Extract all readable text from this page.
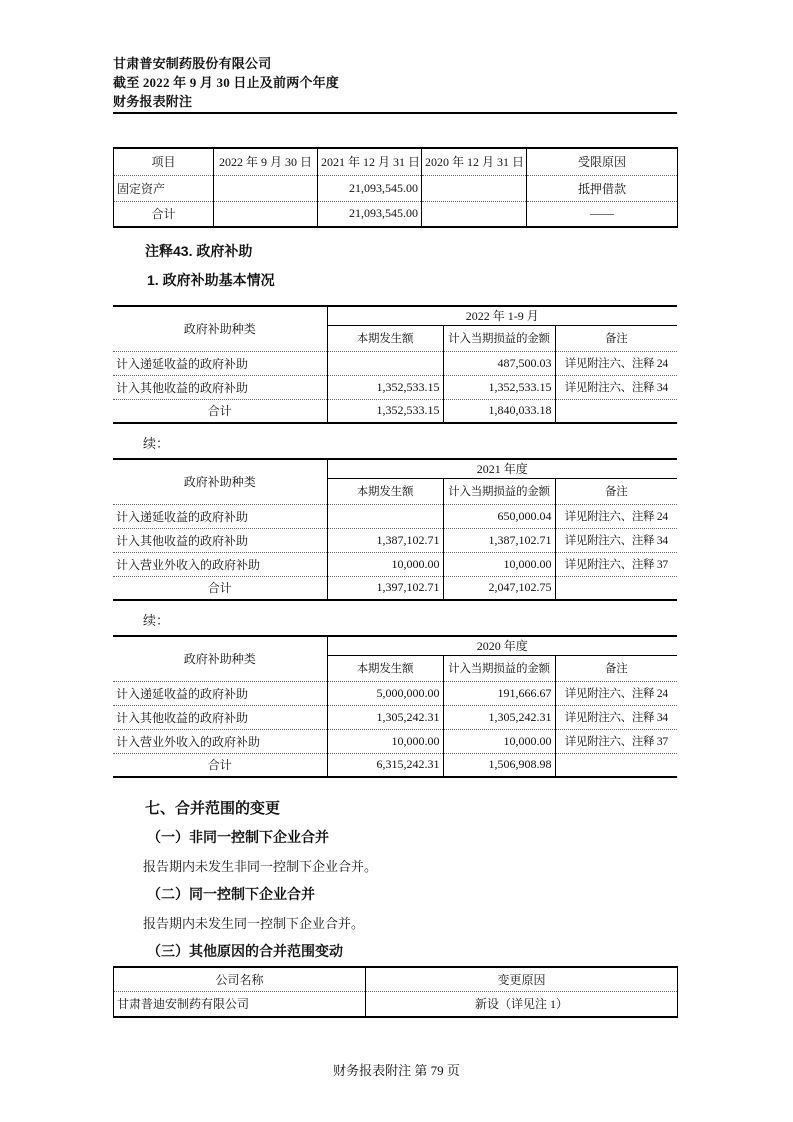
甘肃普安制药股份有限公司
截至 2022 年 9 月 30 日止及前两个年度
财务报表附注
项目	2022 年 9 月 30 日	2021 年 12 月 31 日	2020 年 12 月 31 日	受限原因
固定资产		21,093,545.00		抵押借款
合计		21,093,545.00		——
注释43. 政府补助
1. 政府补助基本情况
政府补助种类	2022 年 1-9 月		
	本期发生额	计入当期损益的金额	备注
计入递延收益的政府补助		487,500.03	详见附注六、注释 24
计入其他收益的政府补助	1,352,533.15	1,352,533.15	详见附注六、注释 34
合计	1,352,533.15	1,840,033.18	
续：
政府补助种类	2021 年度		
	本期发生额	计入当期损益的金额	备注
计入递延收益的政府补助		650,000.04	详见附注六、注释 24
计入其他收益的政府补助	1,387,102.71	1,387,102.71	详见附注六、注释 34
计入营业外收入的政府补助	10,000.00	10,000.00	详见附注六、注释 37
合计	1,397,102.71	2,047,102.75	
续：
政府补助种类	2020 年度		
	本期发生额	计入当期损益的金额	备注
计入递延收益的政府补助	5,000,000.00	191,666.67	详见附注六、注释 24
计入其他收益的政府补助	1,305,242.31	1,305,242.31	详见附注六、注释 34
计入营业外收入的政府补助	10,000.00	10,000.00	详见附注六、注释 37
合计	6,315,242.31	1,506,908.98	
七、合并范围的变更
（一）非同一控制下企业合并

报告期内未发生非同一控制下企业合并。

（二）同一控制下企业合并

报告期内未发生同一控制下企业合并。

（三）其他原因的合并范围变动
公司名称	变更原因
甘肃普迪安制药有限公司	新设（详见注 1）
财务报表附注 第 79 页
